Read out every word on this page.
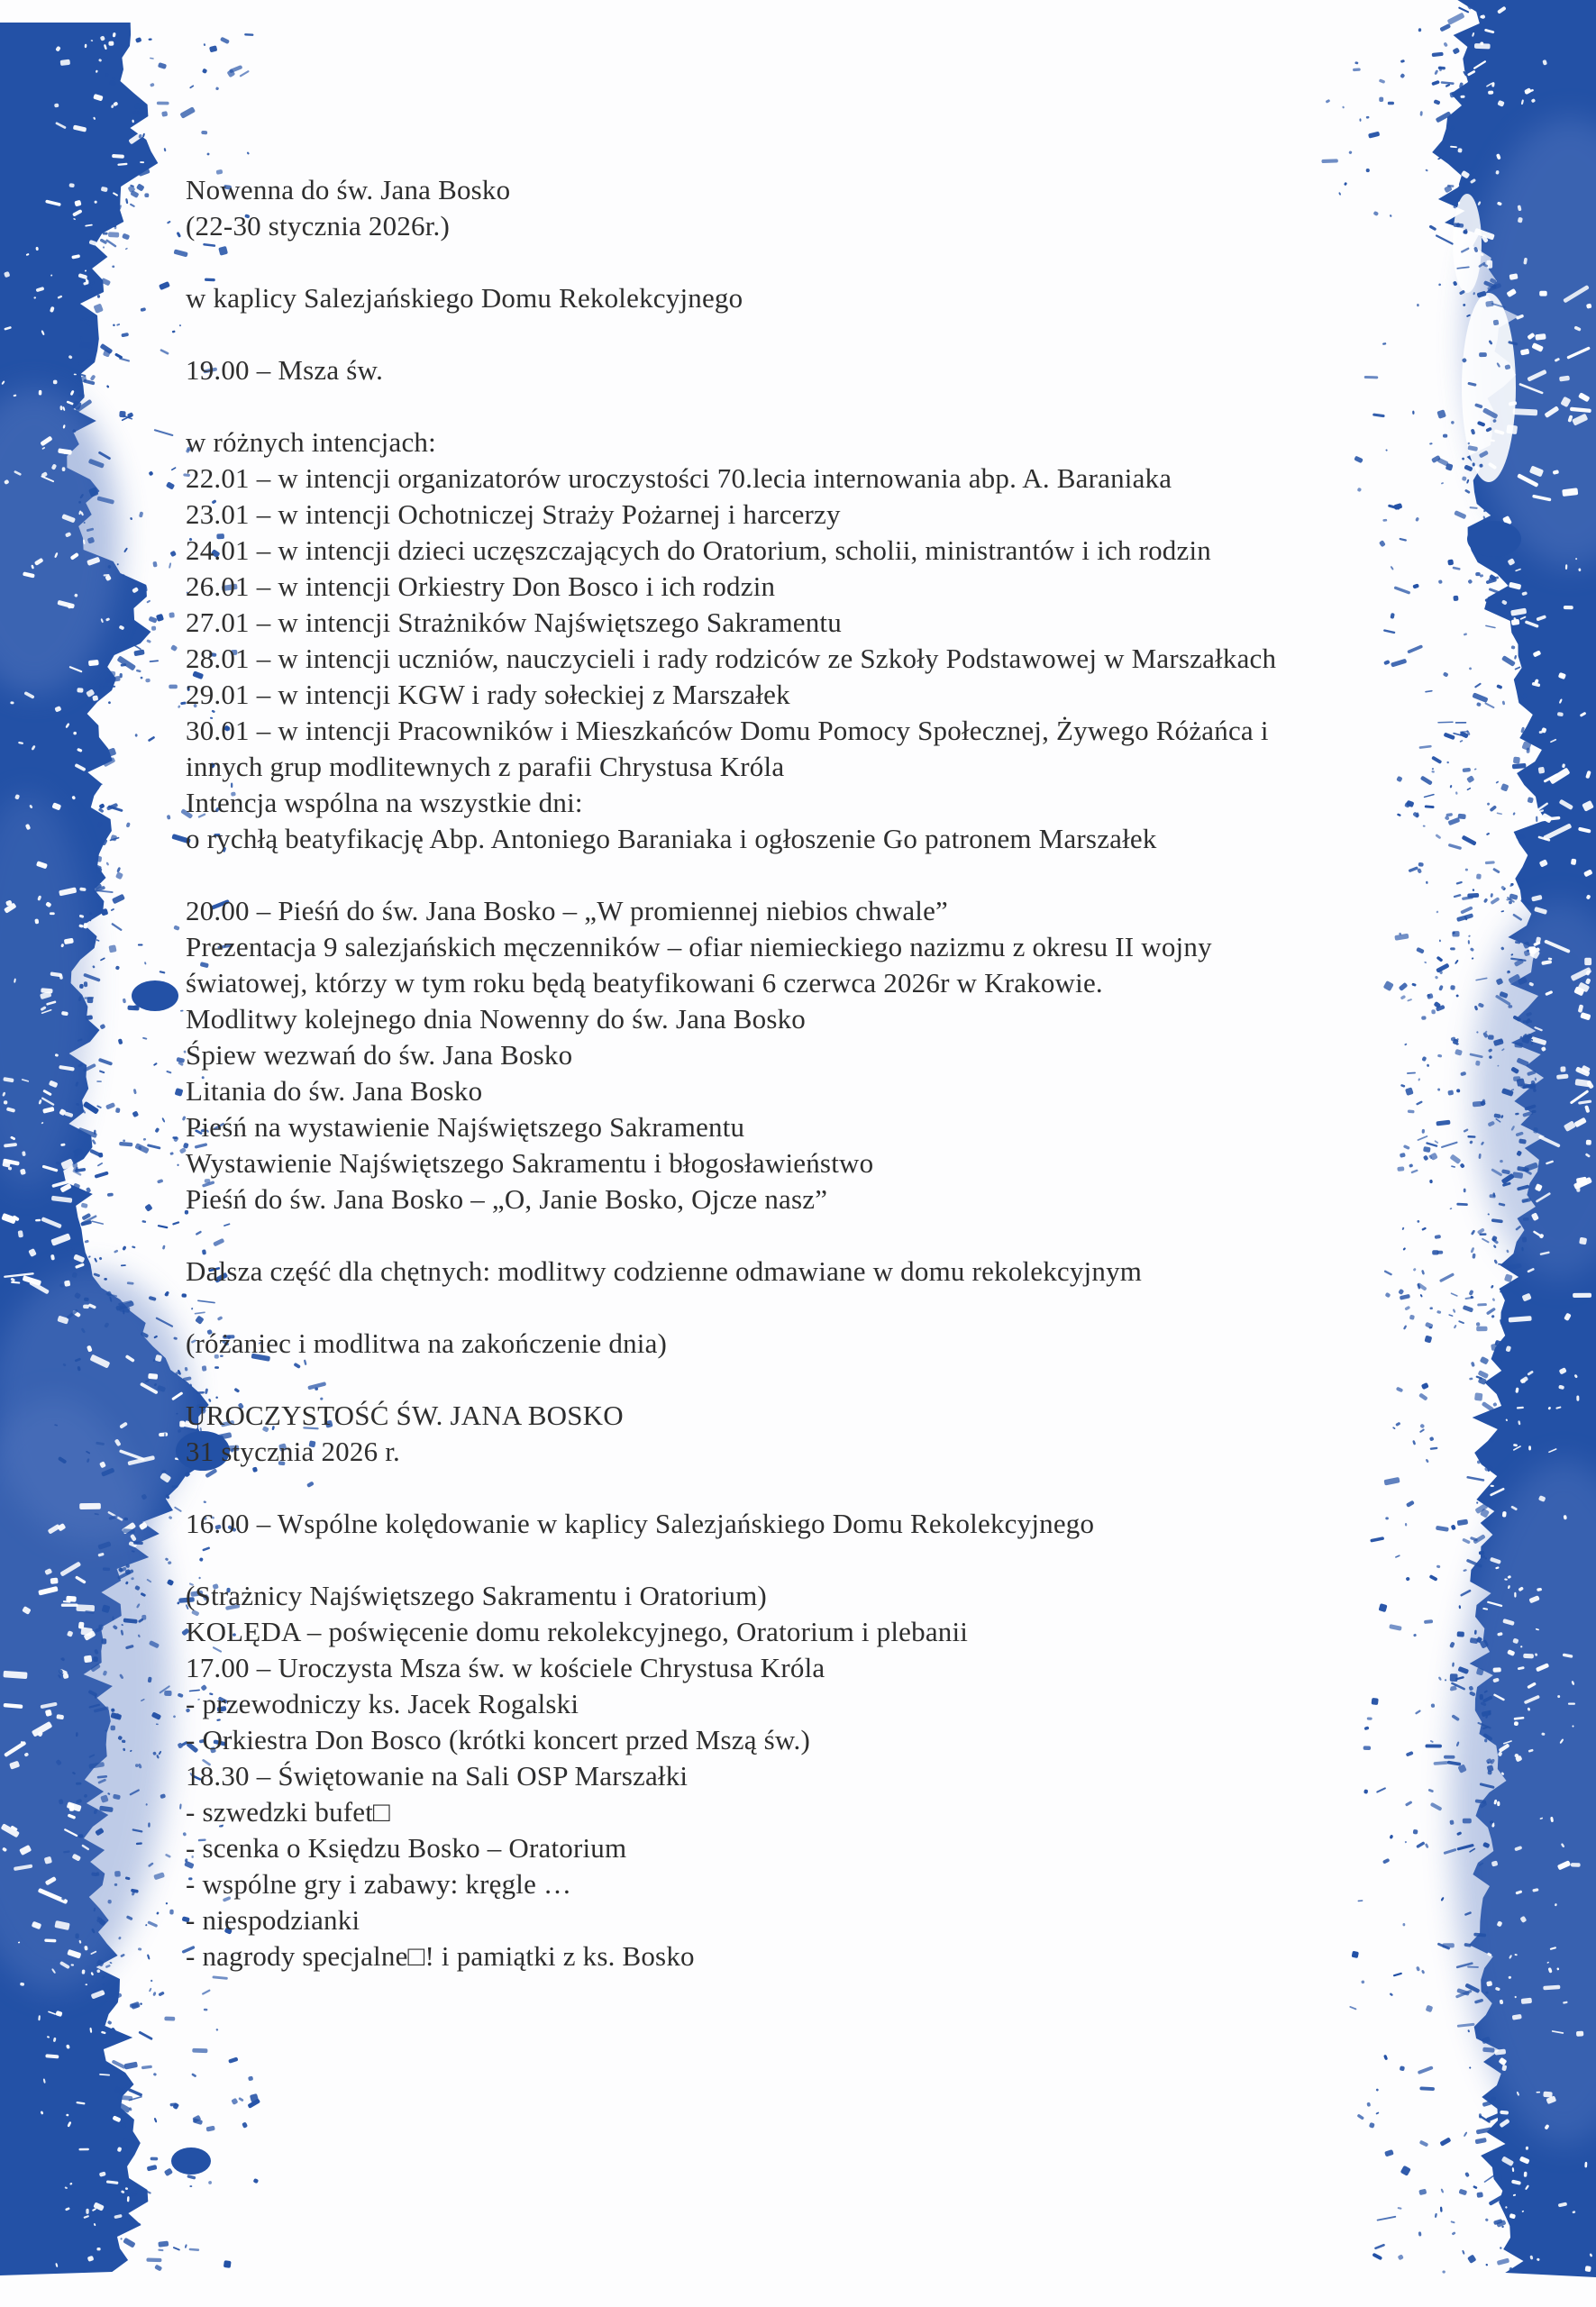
Nowenna do św. Jana Bosko
(22-30 stycznia 2026r.)
w kaplicy Salezjańskiego Domu Rekolekcyjnego
19.00 – Msza św.
w różnych intencjach:
22.01 – w intencji organizatorów uroczystości 70.lecia internowania abp. A. Baraniaka
23.01 – w intencji Ochotniczej Straży Pożarnej i harcerzy
24.01 – w intencji dzieci uczęszczających do Oratorium, scholii, ministrantów i ich rodzin
26.01 – w intencji Orkiestry Don Bosco i ich rodzin
27.01 – w intencji Strażników Najświętszego Sakramentu
28.01 – w intencji uczniów, nauczycieli i rady rodziców ze Szkoły Podstawowej w Marszałkach
29.01 – w intencji KGW i rady sołeckiej z Marszałek
30.01 – w intencji Pracowników i Mieszkańców Domu Pomocy Społecznej, Żywego Różańca i
innych grup modlitewnych z parafii Chrystusa Króla
Intencja wspólna na wszystkie dni:
o rychłą beatyfikację Abp. Antoniego Baraniaka i ogłoszenie Go patronem Marszałek
20.00 – Pieśń do św. Jana Bosko – „W promiennej niebios chwale”
Prezentacja 9 salezjańskich męczenników – ofiar niemieckiego nazizmu z okresu II wojny
światowej, którzy w tym roku będą beatyfikowani 6 czerwca 2026r w Krakowie.
Modlitwy kolejnego dnia Nowenny do św. Jana Bosko
Śpiew wezwań do św. Jana Bosko
Litania do św. Jana Bosko
Pieśń na wystawienie Najświętszego Sakramentu
Wystawienie Najświętszego Sakramentu i błogosławieństwo
Pieśń do św. Jana Bosko – „O, Janie Bosko, Ojcze nasz”
Dalsza część dla chętnych: modlitwy codzienne odmawiane w domu rekolekcyjnym
(różaniec i modlitwa na zakończenie dnia)
UROCZYSTOŚĆ ŚW. JANA BOSKO
31 stycznia 2026 r.
16.00 – Wspólne kolędowanie w kaplicy Salezjańskiego Domu Rekolekcyjnego
(Strażnicy Najświętszego Sakramentu i Oratorium)
KOLĘDA – poświęcenie domu rekolekcyjnego, Oratorium i plebanii
17.00 – Uroczysta Msza św. w kościele Chrystusa Króla
- przewodniczy ks. Jacek Rogalski
- Orkiestra Don Bosco (krótki koncert przed Mszą św.)
18.30 – Świętowanie na Sali OSP Marszałki
- szwedzki bufet□
- scenka o Księdzu Bosko – Oratorium
- wspólne gry i zabawy: kręgle …
- niespodzianki
- nagrody specjalne□! i pamiątki z ks. Bosko
